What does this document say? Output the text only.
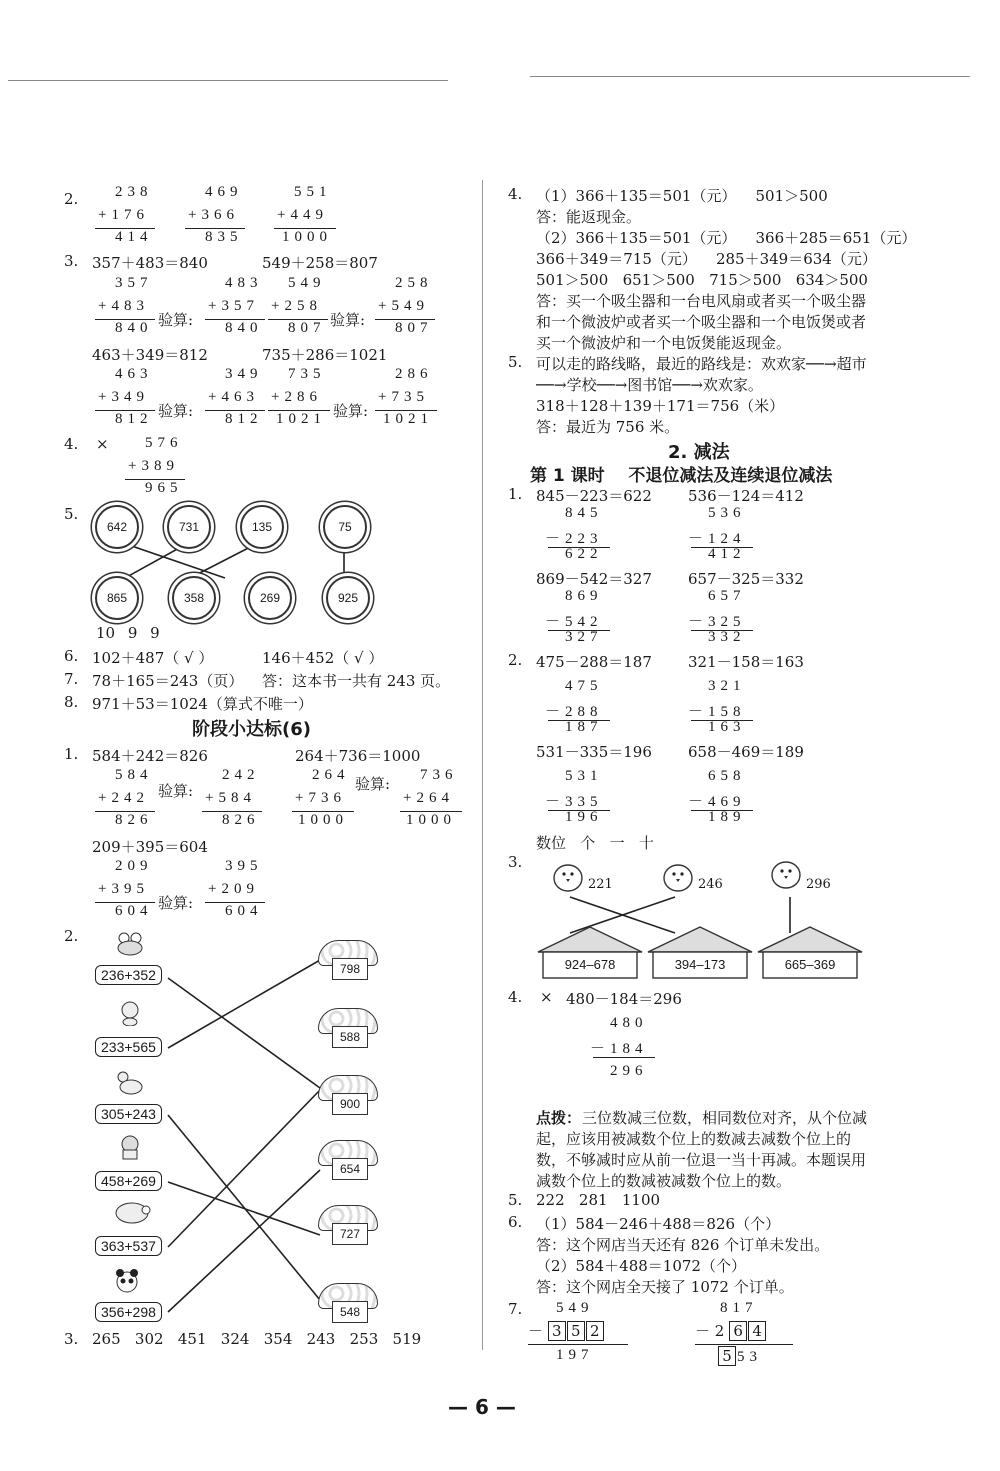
2. 238
+176
414
469
+366
835
551
+449
1000
3. 357＋483＝840	549＋258＝807
357
+483
840 验算:
483
+357
840
549
+258
807 验算:
258
+549
807
463＋349＝812	735＋286＝1021
463
+349
812 验算:
349
+463
812
735
+286
1021 验算:
286
+735
1021
4. × 576
+389
965
5.
642	731	135	75
865	358	269	925
10 9 9
6. 102＋487（ √ ）	146＋452（ √ ）
7. 78＋165＝243（页） 答：这本书一共有 243 页。
8. 971＋53＝1024（算式不唯一）
阶段小达标(6)
1. 584＋242＝826	264＋736＝1000
584
+242
826
验算:
242
+584
826
264
+736
1000
验算: 736
+264
1000
209＋395＝604
209
+395
604 验算:
395
+209
604
2.
236+352
233+565
305+243
458+269
363+537
356+298
798
588
900
654
727
548
3. 265   302   451   324   354   243   253   519
4. （1）366＋135＝501（元）    501＞500
答：能返现金。
（2）366＋135＝501（元）    366＋285＝651（元）
366＋349＝715（元）    285＋349＝634（元）
501＞500   651＞500   715＞500   634＞500
答：买一个吸尘器和一台电风扇或者买一个吸尘器
和一个微波炉或者买一个吸尘器和一个电饭煲或者
买一个微波炉和一个电饭煲能返现金。
5. 可以走的路线略，最近的路线是：欢欢家──→超市
──→学校──→图书馆──→欢欢家。
318＋128＋139＋171＝756（米）
答：最近为 756 米。
2. 减法
第 1 课时    不退位减法及连续退位减法
1. 845－223＝622 536－124＝412
845
－223
622
536
－124
412
869－542＝327 657－325＝332
869
－542
327
657
－325
332
2. 475－288＝187 321－158＝163
475
－288
187
321
－158
163
531－335＝196 658－469＝189
531
－335
196
658
－469
189
数位   个   一   十
3.
221	246	296
924–678	394–173	665–369
4. × 480－184＝296
480
－184
296
点拨： 三位数减三位数，相同数位对齐，从个位减
起，应该用被减数个位上的数减去减数个位上的
数，不够减时应从前一位退一当十再减。本题误用
减数个位上的数减被减数个位上的数。
5. 222   281   1100
6. （1）584－246＋488＝826（个）
答：这个网店当天还有 826 个订单未发出。
（2）584＋488＝1072（个）
答：这个网店全天接了 1072 个订单。
7. 549
－ 3 5 2
197
817
－ 2 6 4
5 53
— 6 —
